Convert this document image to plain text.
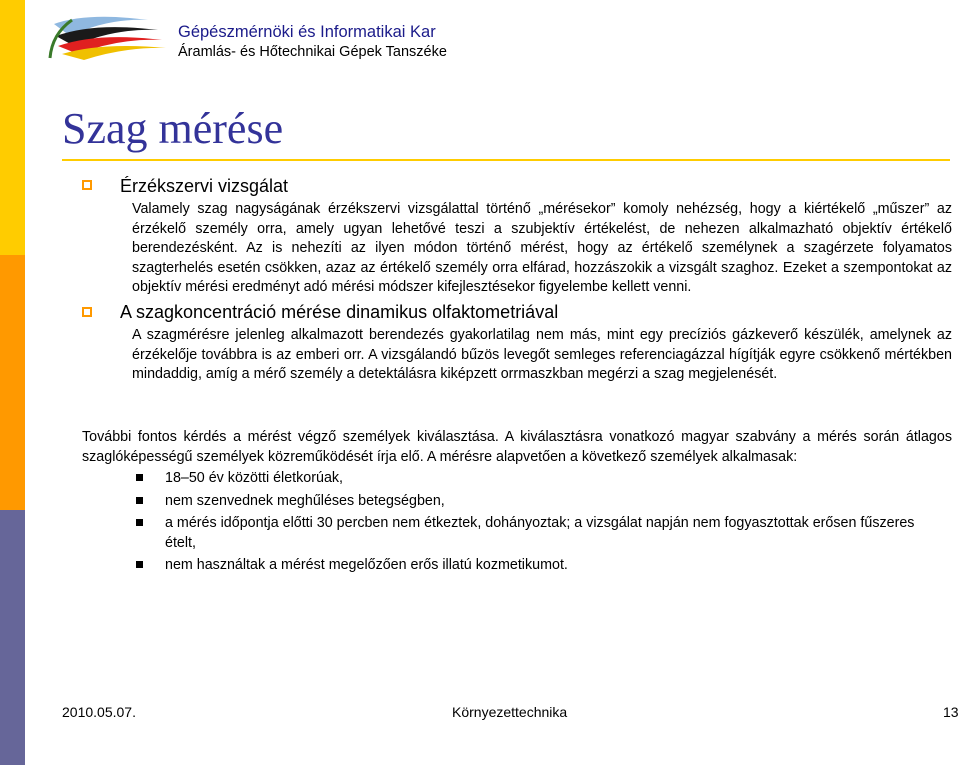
Gépészmérnöki és Informatikai Kar
Áramlás- és Hőtechnikai Gépek Tanszéke
Szag mérése
Érzékszervi vizsgálat
Valamely szag nagyságának érzékszervi vizsgálattal történő „mérésekor” komoly nehézség, hogy a kiértékelő „műszer” az érzékelő személy orra, amely ugyan lehetővé teszi a szubjektív értékelést, de nehezen alkalmazható objektív értékelő berendezésként. Az is nehezíti az ilyen módon történő mérést, hogy az értékelő személynek a szagérzete folyamatos szagterhelés esetén csökken, azaz az értékelő személy orra elfárad, hozzászokik a vizsgált szaghoz. Ezeket a szempontokat az objektív mérési eredményt adó mérési módszer kifejlesztésekor figyelembe kellett venni.
A szagkoncentráció mérése dinamikus olfaktometriával
A szagmérésre jelenleg alkalmazott berendezés gyakorlatilag nem más, mint egy precíziós gázkeverő készülék, amelynek az érzékelője továbbra is az emberi orr. A vizsgálandó bűzös levegőt semleges referenciagázzal hígítják egyre csökkenő mértékben mindaddig, amíg a mérő személy a detektálásra kiképzett orrmaszkban megérzi a szag megjelenését.
További fontos kérdés a mérést végző személyek kiválasztása. A kiválasztásra vonatkozó magyar szabvány a mérés során átlagos szaglóképességű személyek közreműködését írja elő. A mérésre alapvetően a következő személyek alkalmasak:
18–50 év közötti életkorúak,
nem szenvednek meghűléses betegségben,
a mérés időpontja előtti 30 percben nem étkeztek, dohányoztak; a vizsgálat napján nem fogyasztottak erősen fűszeres ételt,
nem használtak a mérést megelőzően erős illatú kozmetikumot.
2010.05.07.	Környezettechnika	13
